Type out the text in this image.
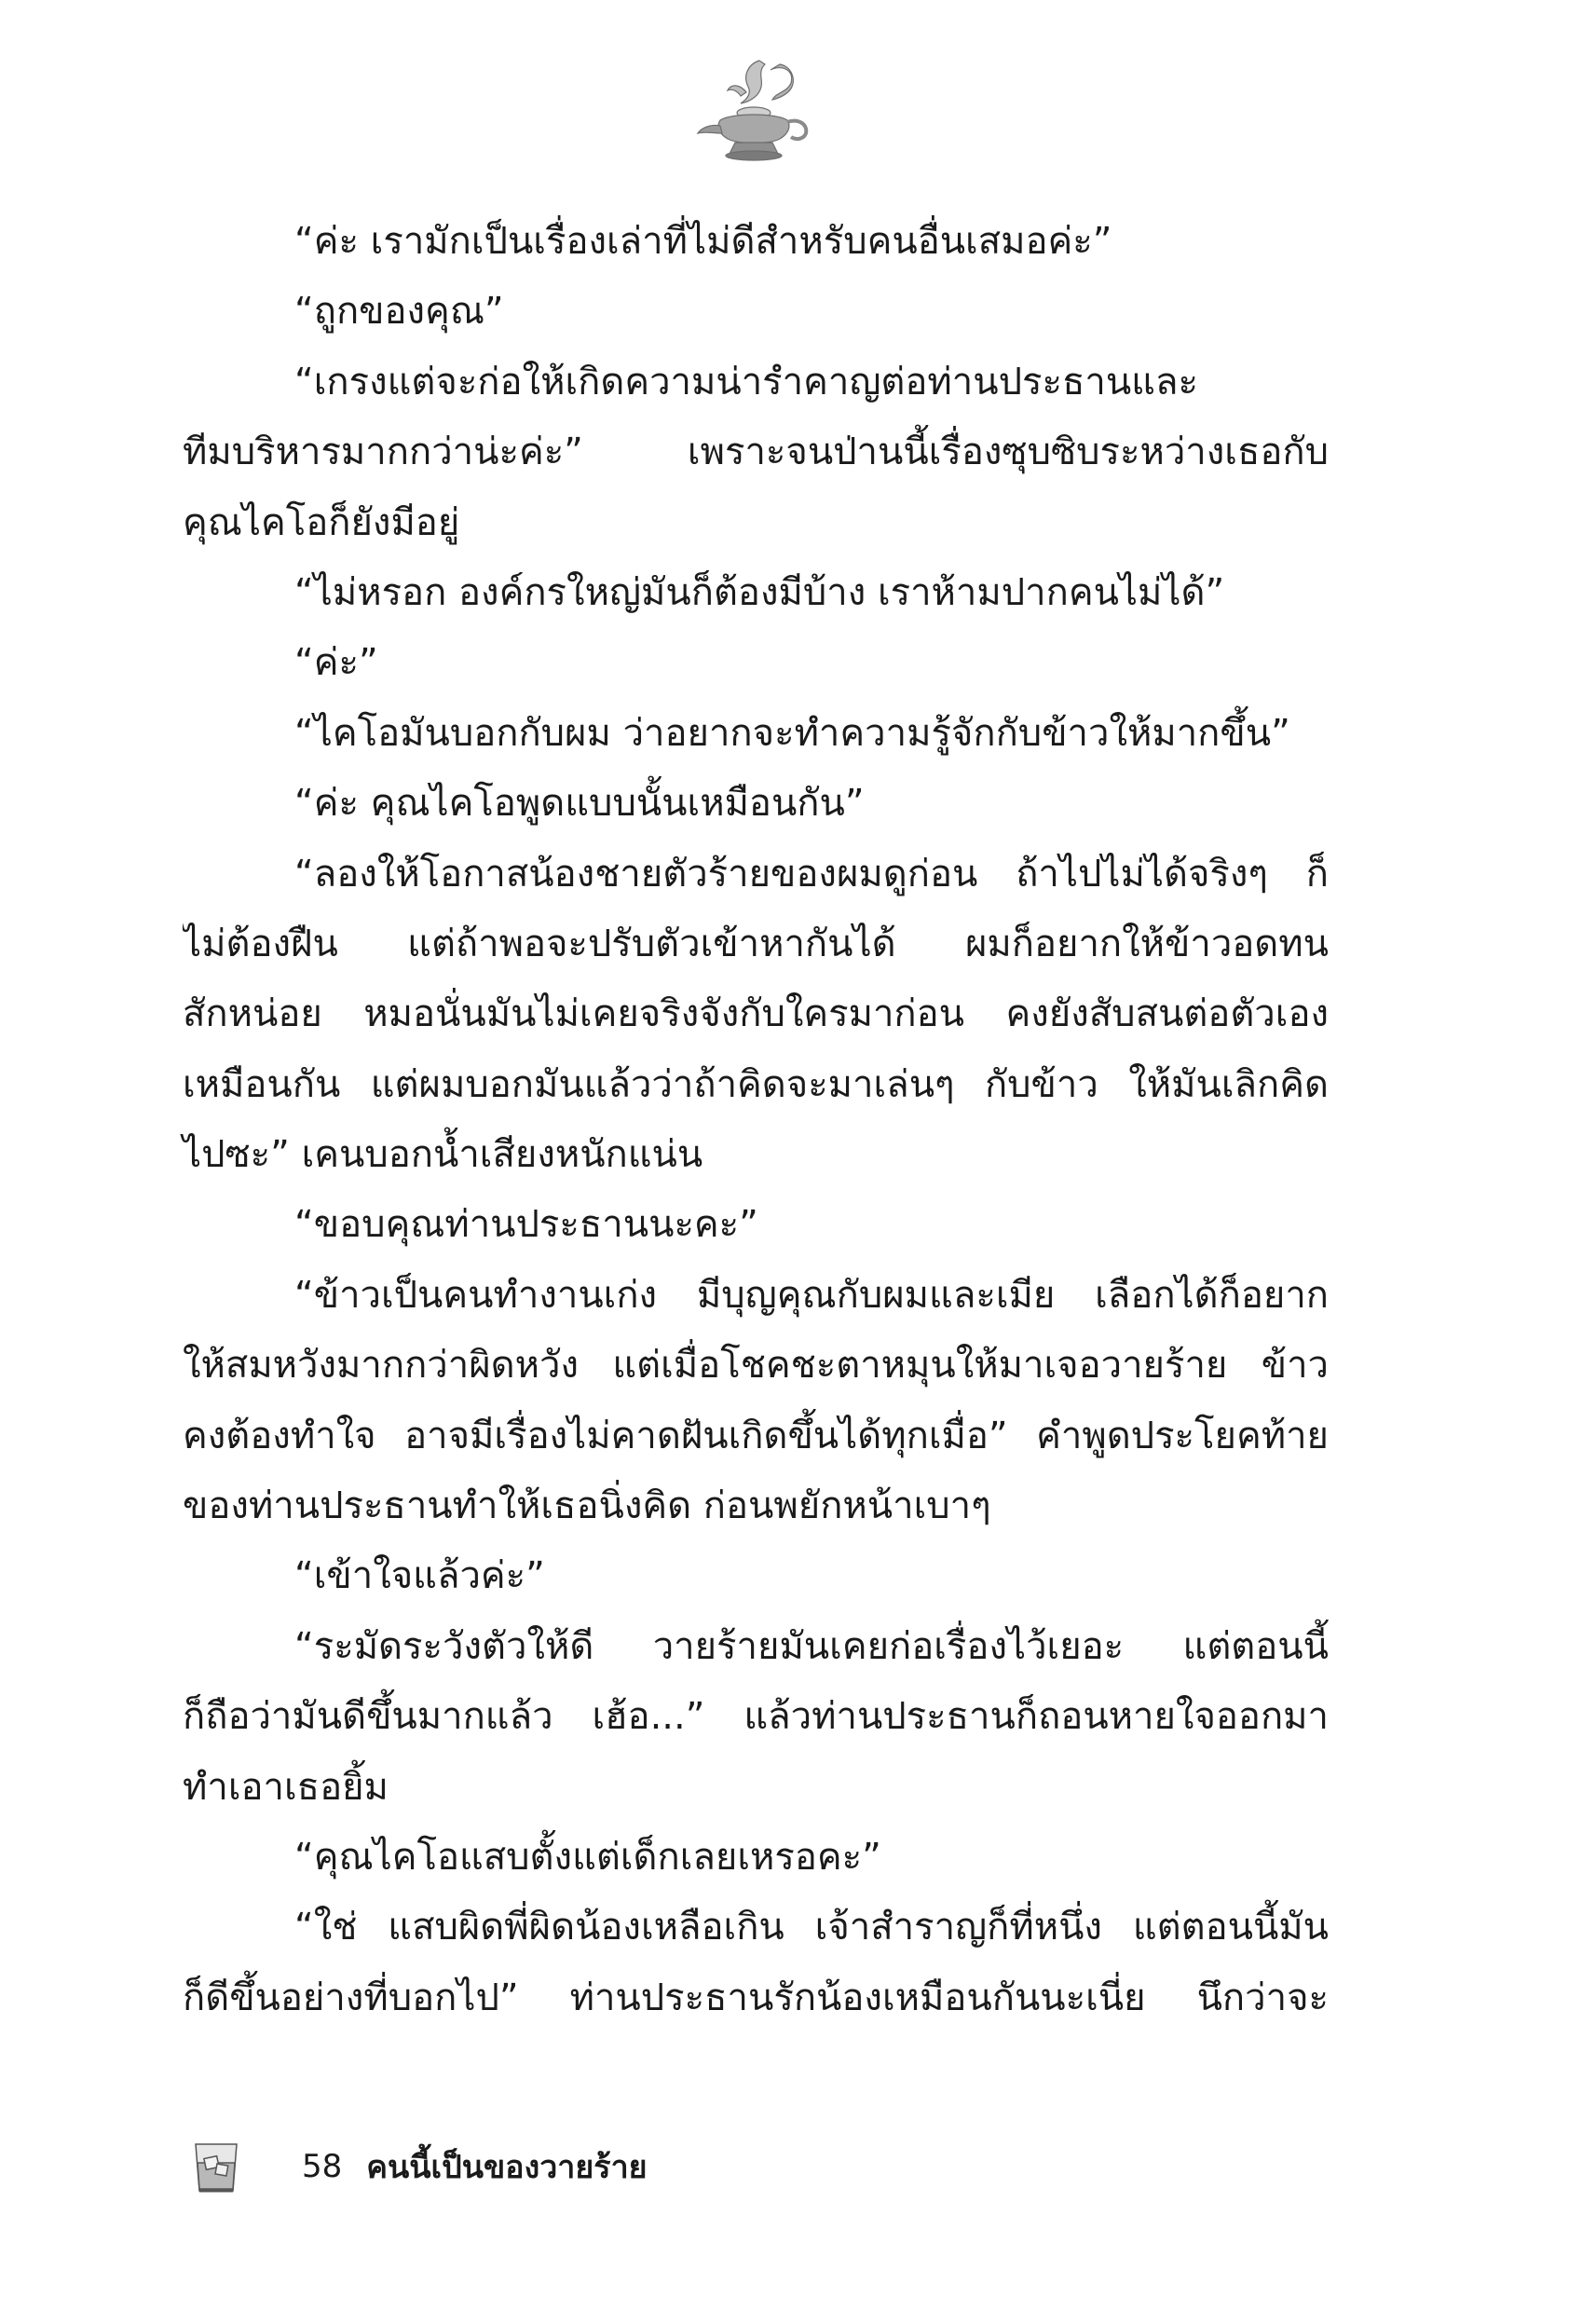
“ค่ะ เรามักเป็นเรื่องเล่าที่ไม่ดีสำหรับคนอื่นเสมอค่ะ”
“ถูกของคุณ”
“เกรงแต่จะก่อให้เกิดความน่ารำคาญต่อท่านประธานและ
ทีมบริหารมากกว่าน่ะค่ะ” เพราะจนป่านนี้เรื่องซุบซิบระหว่างเธอกับ
คุณไคโอก็ยังมีอยู่
“ไม่หรอก องค์กรใหญ่มันก็ต้องมีบ้าง เราห้ามปากคนไม่ได้”
“ค่ะ”
“ไคโอมันบอกกับผม ว่าอยากจะทำความรู้จักกับข้าวให้มากขึ้น”
“ค่ะ คุณไคโอพูดแบบนั้นเหมือนกัน”
“ลองให้โอกาสน้องชายตัวร้ายของผมดูก่อน ถ้าไปไม่ได้จริงๆ ก็
ไม่ต้องฝืน แต่ถ้าพอจะปรับตัวเข้าหากันได้ ผมก็อยากให้ข้าวอดทน
สักหน่อย หมอนั่นมันไม่เคยจริงจังกับใครมาก่อน คงยังสับสนต่อตัวเอง
เหมือนกัน แต่ผมบอกมันแล้วว่าถ้าคิดจะมาเล่นๆ กับข้าว ให้มันเลิกคิด
ไปซะ” เคนบอกน้ำเสียงหนักแน่น
“ขอบคุณท่านประธานนะคะ”
“ข้าวเป็นคนทำงานเก่ง มีบุญคุณกับผมและเมีย เลือกได้ก็อยาก
ให้สมหวังมากกว่าผิดหวัง แต่เมื่อโชคชะตาหมุนให้มาเจอวายร้าย ข้าว
คงต้องทำใจ อาจมีเรื่องไม่คาดฝันเกิดขึ้นได้ทุกเมื่อ” คำพูดประโยคท้าย
ของท่านประธานทำให้เธอนิ่งคิด ก่อนพยักหน้าเบาๆ
“เข้าใจแล้วค่ะ”
“ระมัดระวังตัวให้ดี วายร้ายมันเคยก่อเรื่องไว้เยอะ แต่ตอนนี้
ก็ถือว่ามันดีขึ้นมากแล้ว เฮ้อ...” แล้วท่านประธานก็ถอนหายใจออกมา
ทำเอาเธอยิ้ม
“คุณไคโอแสบตั้งแต่เด็กเลยเหรอคะ”
“ใช่ แสบผิดพี่ผิดน้องเหลือเกิน เจ้าสำราญก็ที่หนึ่ง แต่ตอนนี้มัน
ก็ดีขึ้นอย่างที่บอกไป” ท่านประธานรักน้องเหมือนกันนะเนี่ย นึกว่าจะ
58 คนนี้เป็นของวายร้าย
